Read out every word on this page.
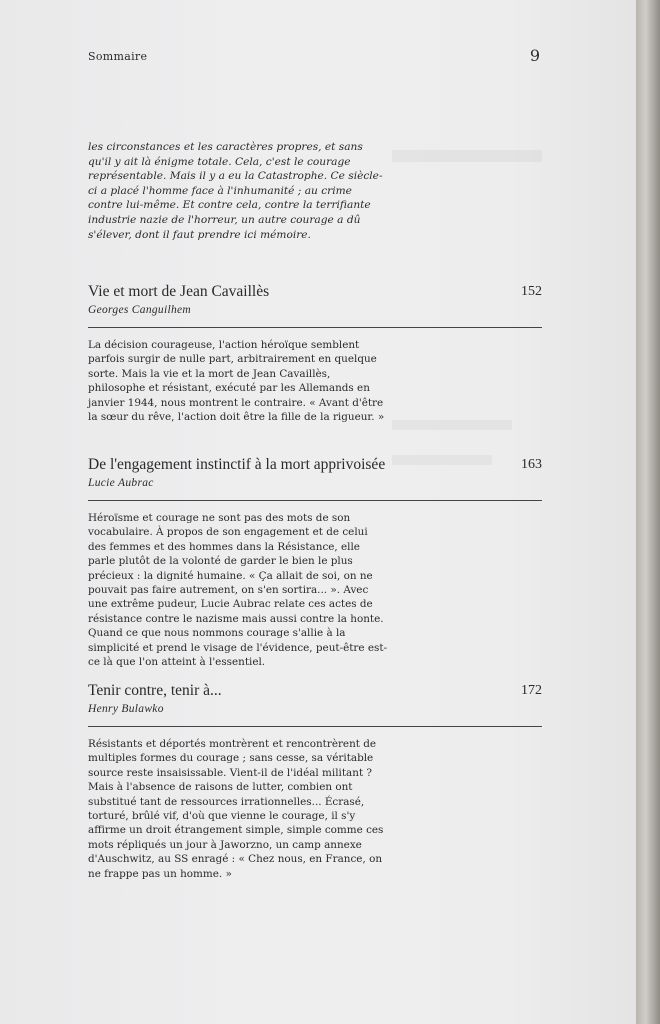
Sommaire	9

les circonstances et les caractères propres, et sans qu'il y ait là énigme totale. Cela, c'est le courage représentable. Mais il y a eu la Catastrophe. Ce siècle-ci a placé l'homme face à l'inhumanité ; au crime contre lui-même. Et contre cela, contre la terrifiante industrie nazie de l'horreur, un autre courage a dû s'élever, dont il faut prendre ici mémoire.

Vie et mort de Jean Cavaillès	152
Georges Canguilhem

La décision courageuse, l'action héroïque semblent parfois surgir de nulle part, arbitrairement en quelque sorte. Mais la vie et la mort de Jean Cavaillès, philosophe et résistant, exécuté par les Allemands en janvier 1944, nous montrent le contraire. « Avant d'être la sœur du rêve, l'action doit être la fille de la rigueur. »

De l'engagement instinctif à la mort apprivoisée	163
Lucie Aubrac

Héroïsme et courage ne sont pas des mots de son vocabulaire. À propos de son engagement et de celui des femmes et des hommes dans la Résistance, elle parle plutôt de la volonté de garder le bien le plus précieux : la dignité humaine. « Ça allait de soi, on ne pouvait pas faire autrement, on s'en sortira... ». Avec une extrême pudeur, Lucie Aubrac relate ces actes de résistance contre le nazisme mais aussi contre la honte. Quand ce que nous nommons courage s'allie à la simplicité et prend le visage de l'évidence, peut-être est-ce là que l'on atteint à l'essentiel.

Tenir contre, tenir à...	172
Henry Bulawko

Résistants et déportés montrèrent et rencontrèrent de multiples formes du courage ; sans cesse, sa véritable source reste insaisissable. Vient-il de l'idéal militant ? Mais à l'absence de raisons de lutter, combien ont substitué tant de ressources irrationnelles... Écrasé, torturé, brûlé vif, d'où que vienne le courage, il s'y affirme un droit étrangement simple, simple comme ces mots répliqués un jour à Jaworzno, un camp annexe d'Auschwitz, au SS enragé : « Chez nous, en France, on ne frappe pas un homme. »
